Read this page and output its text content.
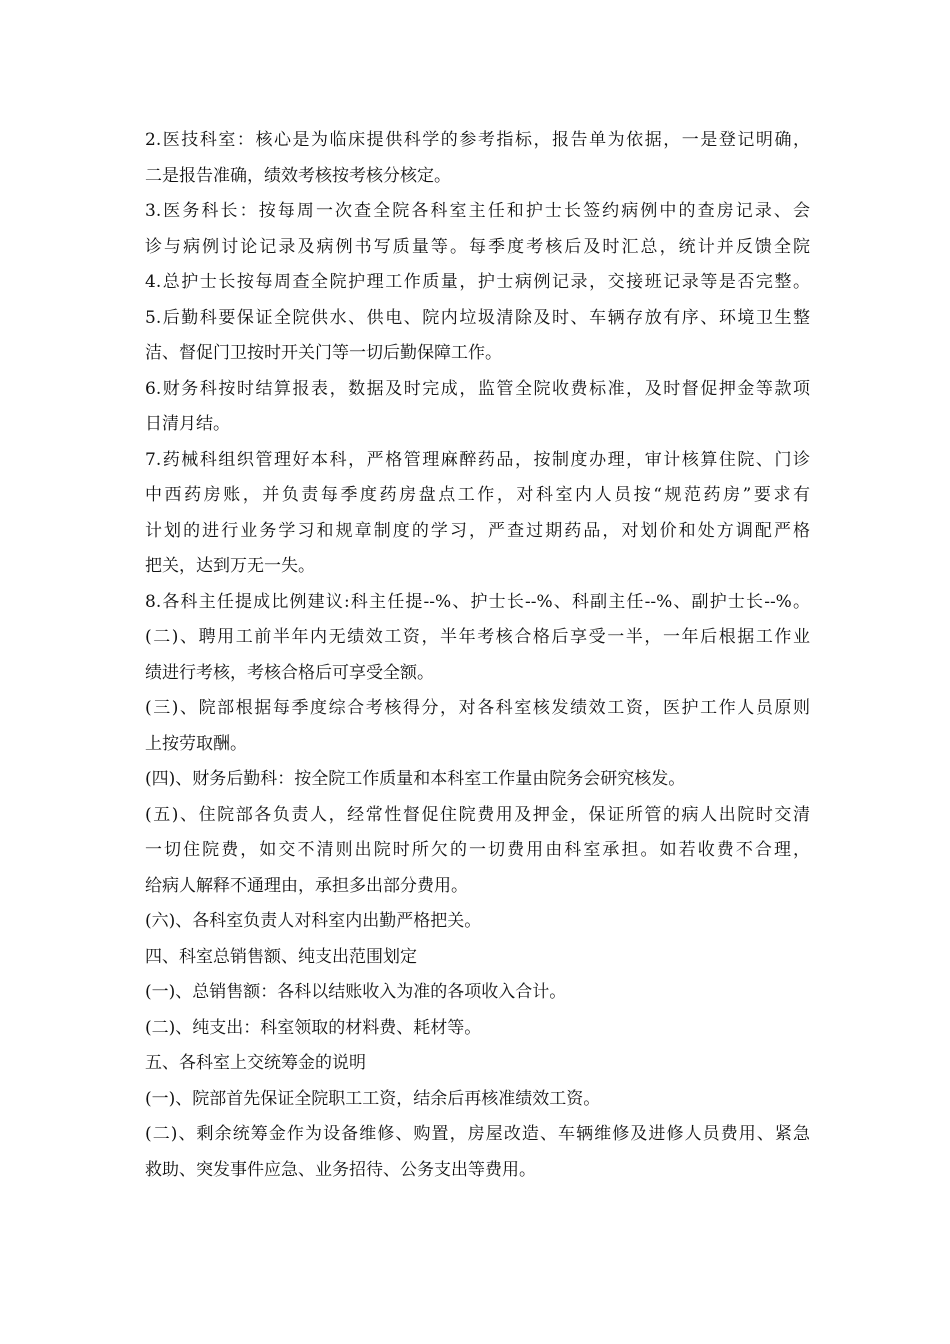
2.医技科室：核心是为临床提供科学的参考指标，报告单为依据，一是登记明确，
二是报告准确，绩效考核按考核分核定。
3.医务科长：按每周一次查全院各科室主任和护士长签约病例中的查房记录、会
诊与病例讨论记录及病例书写质量等。每季度考核后及时汇总，统计并反馈全院
4.总护士长按每周查全院护理工作质量，护士病例记录，交接班记录等是否完整。
5.后勤科要保证全院供水、供电、院内垃圾清除及时、车辆存放有序、环境卫生整
洁、督促门卫按时开关门等一切后勤保障工作。
6.财务科按时结算报表，数据及时完成，监管全院收费标准，及时督促押金等款项
日清月结。
7.药械科组织管理好本科，严格管理麻醉药品，按制度办理，审计核算住院、门诊
中西药房账，并负责每季度药房盘点工作，对科室内人员按“规范药房”要求有
计划的进行业务学习和规章制度的学习，严查过期药品，对划价和处方调配严格
把关，达到万无一失。
8.各科主任提成比例建议:科主任提--%、护士长--%、科副主任--%、副护士长--%。
(二)、聘用工前半年内无绩效工资，半年考核合格后享受一半，一年后根据工作业
绩进行考核，考核合格后可享受全额。
(三)、院部根据每季度综合考核得分，对各科室核发绩效工资，医护工作人员原则
上按劳取酬。
(四)、财务后勤科：按全院工作质量和本科室工作量由院务会研究核发。
(五)、住院部各负责人，经常性督促住院费用及押金，保证所管的病人出院时交清
一切住院费，如交不清则出院时所欠的一切费用由科室承担。如若收费不合理，
给病人解释不通理由，承担多出部分费用。
(六)、各科室负责人对科室内出勤严格把关。
四、科室总销售额、纯支出范围划定
(一)、总销售额：各科以结账收入为准的各项收入合计。
(二)、纯支出：科室领取的材料费、耗材等。
五、各科室上交统筹金的说明
(一)、院部首先保证全院职工工资，结余后再核准绩效工资。
(二)、剩余统筹金作为设备维修、购置，房屋改造、车辆维修及进修人员费用、紧急
救助、突发事件应急、业务招待、公务支出等费用。
